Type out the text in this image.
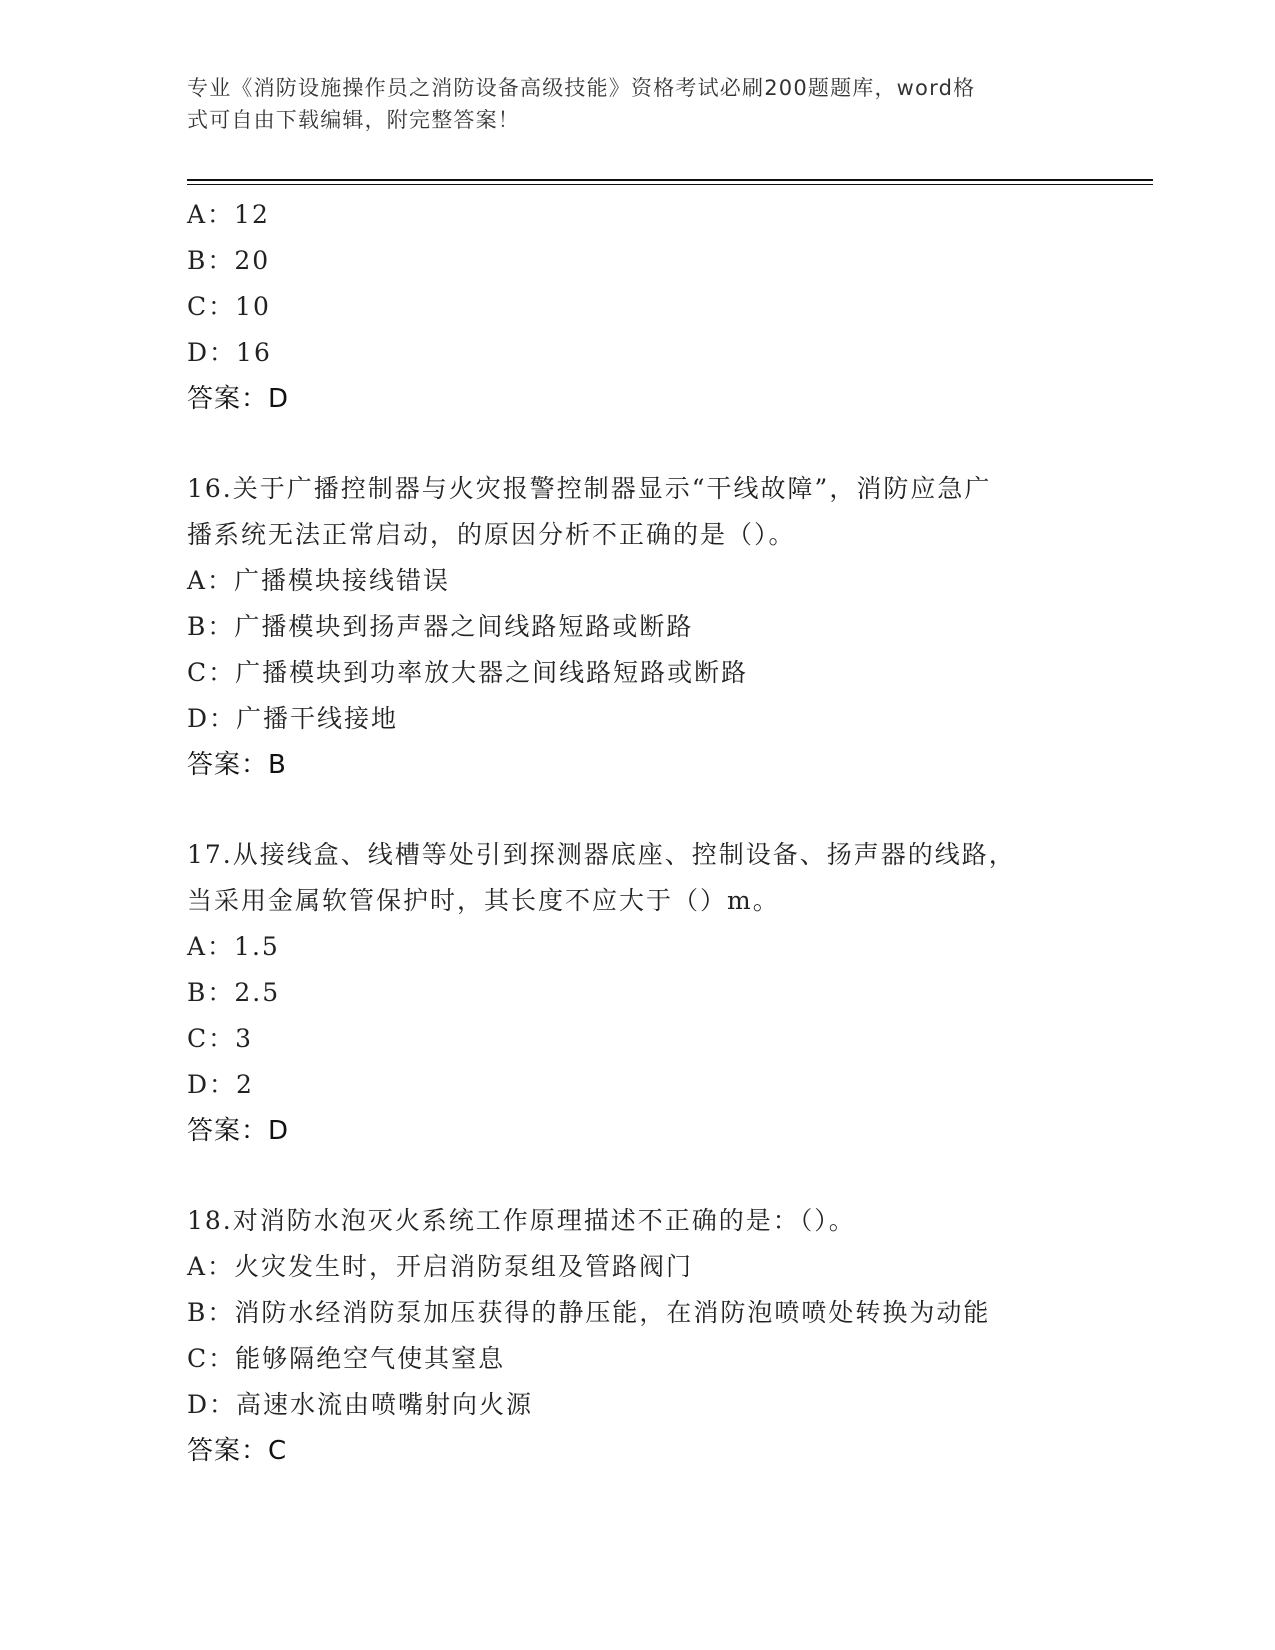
专业《消防设施操作员之消防设备高级技能》资格考试必刷200题题库，word格
式可自由下载编辑，附完整答案！
A：12
B：20
C：10
D：16
答案：D
16.关于广播控制器与火灾报警控制器显示“干线故障”，消防应急广
播系统无法正常启动，的原因分析不正确的是（）。
A：广播模块接线错误
B：广播模块到扬声器之间线路短路或断路
C：广播模块到功率放大器之间线路短路或断路
D：广播干线接地
答案：B
17.从接线盒、线槽等处引到探测器底座、控制设备、扬声器的线路，
当采用金属软管保护时，其长度不应大于（）m。
A：1.5
B：2.5
C：3
D：2
答案：D
18.对消防水泡灭火系统工作原理描述不正确的是：（）。
A：火灾发生时，开启消防泵组及管路阀门
B：消防水经消防泵加压获得的静压能，在消防泡喷喷处转换为动能
C：能够隔绝空气使其窒息
D：高速水流由喷嘴射向火源
答案：C
